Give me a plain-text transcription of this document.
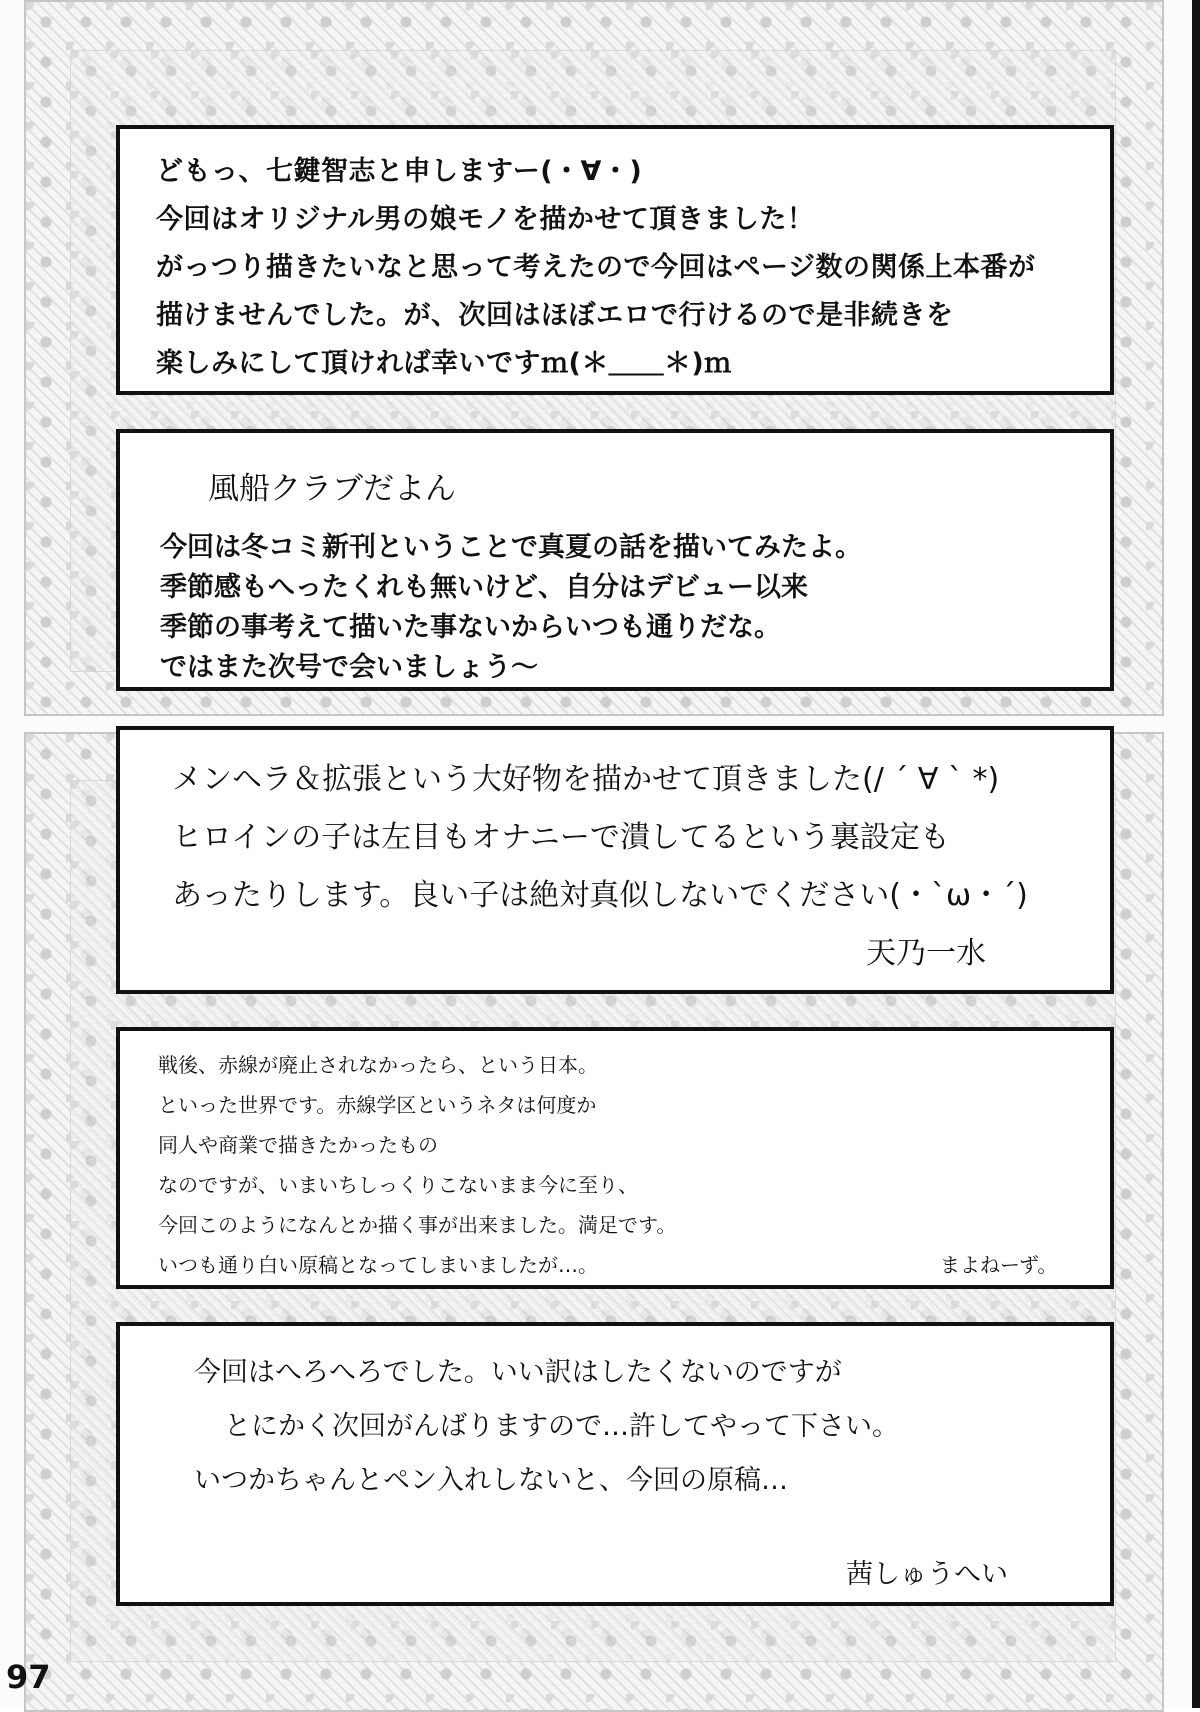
どもっ、七鍵智志と申しますー(・∀・)
今回はオリジナル男の娘モノを描かせて頂きました！
がっつり描きたいなと思って考えたので今回はページ数の関係上本番が
描けませんでした。が、次回はほぼエロで行けるので是非続きを
楽しみにして頂ければ幸いですｍ(＊＿＿＊)ｍ
風船クラブだよん
今回は冬コミ新刊ということで真夏の話を描いてみたよ。
季節感もへったくれも無いけど、自分はデビュー以来
季節の事考えて描いた事ないからいつも通りだな。
ではまた次号で会いましょう～
メンヘラ＆拡張という大好物を描かせて頂きました(/ ´ ∀ ` *)
ヒロインの子は左目もオナニーで潰してるという裏設定も
あったりします。良い子は絶対真似しないでください(・`ω・´)
天乃一水
戦後、赤線が廃止されなかったら、という日本。
といった世界です。赤線学区というネタは何度か
同人や商業で描きたかったもの
なのですが、いまいちしっくりこないまま今に至り、
今回このようになんとか描く事が出来ました。満足です。
いつも通り白い原稿となってしまいましたが…。	まよねーず。
今回はへろへろでした。いい訳はしたくないのですが
とにかく次回がんばりますので…許してやって下さい。
いつかちゃんとペン入れしないと、今回の原稿…
茜しゅうへい
97
